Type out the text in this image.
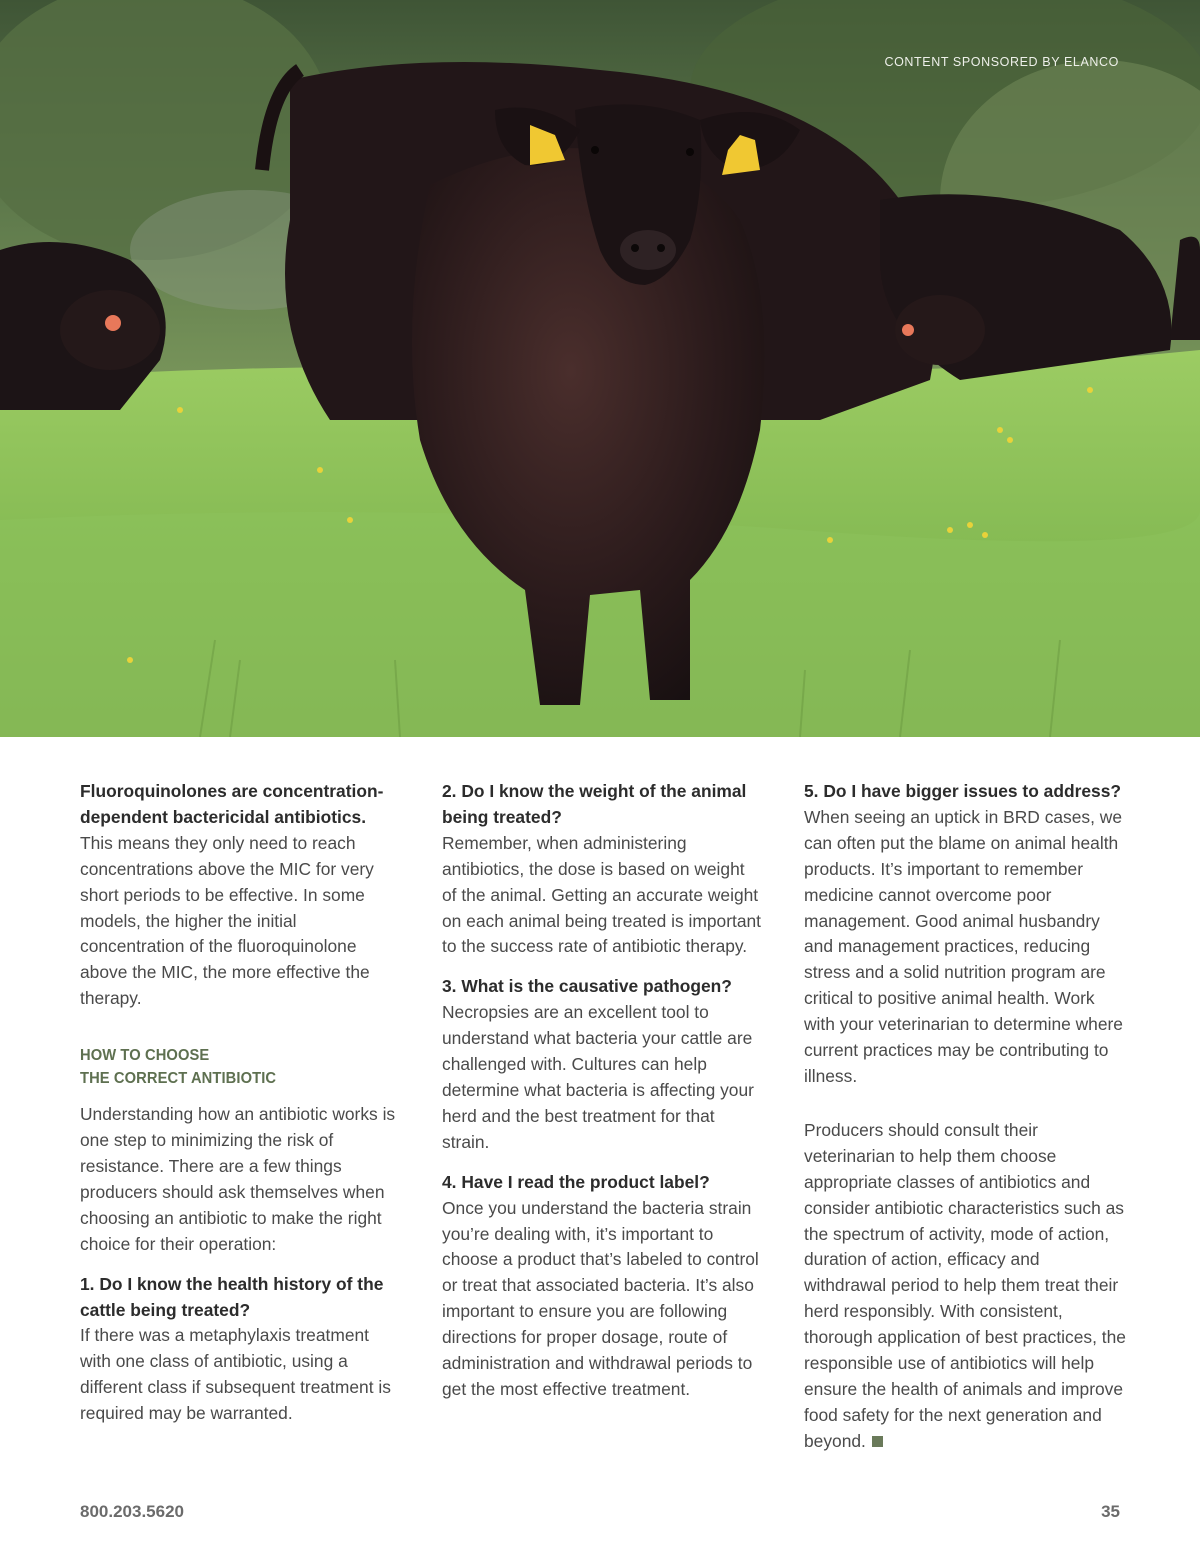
CONTENT SPONSORED BY ELANCO

Fluoroquinolones are concentration-dependent bactericidal antibiotics. This means they only need to reach concentrations above the MIC for very short periods to be effective. In some models, the higher the initial concentration of the fluoroquinolone above the MIC, the more effective the therapy.

HOW TO CHOOSE
THE CORRECT ANTIBIOTIC

Understanding how an antibiotic works is one step to minimizing the risk of resistance. There are a few things producers should ask themselves when choosing an antibiotic to make the right choice for their operation:

1. Do I know the health history of the cattle being treated?
If there was a metaphylaxis treatment with one class of antibiotic, using a different class if subsequent treatment is required may be warranted.

2. Do I know the weight of the animal being treated?
Remember, when administering antibiotics, the dose is based on weight of the animal. Getting an accurate weight on each animal being treated is important to the success rate of antibiotic therapy.

3. What is the causative pathogen?
Necropsies are an excellent tool to understand what bacteria your cattle are challenged with. Cultures can help determine what bacteria is affecting your herd and the best treatment for that strain.

4. Have I read the product label?
Once you understand the bacteria strain you’re dealing with, it’s important to choose a product that’s labeled to control or treat that associated bacteria. It’s also important to ensure you are following directions for proper dosage, route of administration and withdrawal periods to get the most effective treatment.

5. Do I have bigger issues to address?
When seeing an uptick in BRD cases, we can often put the blame on animal health products. It’s important to remember medicine cannot overcome poor management. Good animal husbandry and management practices, reducing stress and a solid nutrition program are critical to positive animal health. Work with your veterinarian to determine where current practices may be contributing to illness.

Producers should consult their veterinarian to help them choose appropriate classes of antibiotics and consider antibiotic characteristics such as the spectrum of activity, mode of action, duration of action, efficacy and withdrawal period to help them treat their herd responsibly. With consistent, thorough application of best practices, the responsible use of antibiotics will help ensure the health of animals and improve food safety for the next generation and beyond.

800.203.5620	35
